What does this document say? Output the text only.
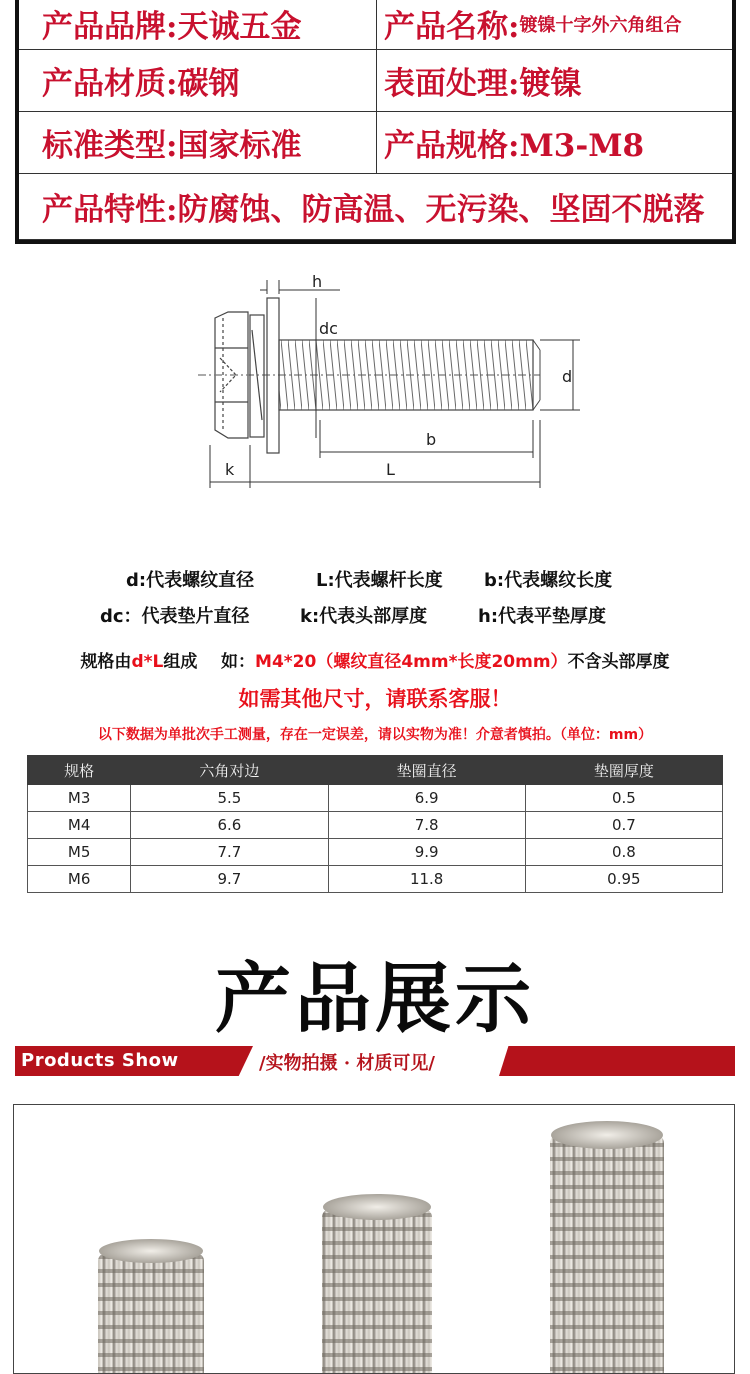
产品品牌:天诚五金	产品名称: 镀镍十字外六角组合
产品材质:碳钢	表面处理:镀镍
标准类型:国家标准	产品规格:M3-M8
产品特性:防腐蚀、防高温、无污染、坚固不脱落
h
dc
d
b
k	L
d:代表螺纹直径	L:代表螺杆长度	b:代表螺纹长度
dc：代表垫片直径	k:代表头部厚度	h:代表平垫厚度
规格由d*L组成    如：M4*20（螺纹直径4mm*长度20mm）不含头部厚度
如需其他尺寸，请联系客服！
以下数据为单批次手工测量，存在一定误差，请以实物为准！介意者慎拍。（单位：mm）
规格	六角对边	垫圈直径	垫圈厚度
M3	5.5	6.9	0.5
M4	6.6	7.8	0.7
M5	7.7	9.9	0.8
M6	9.7	11.8	0.95
产品展示
Products Show	/实物拍摄 · 材质可见/
